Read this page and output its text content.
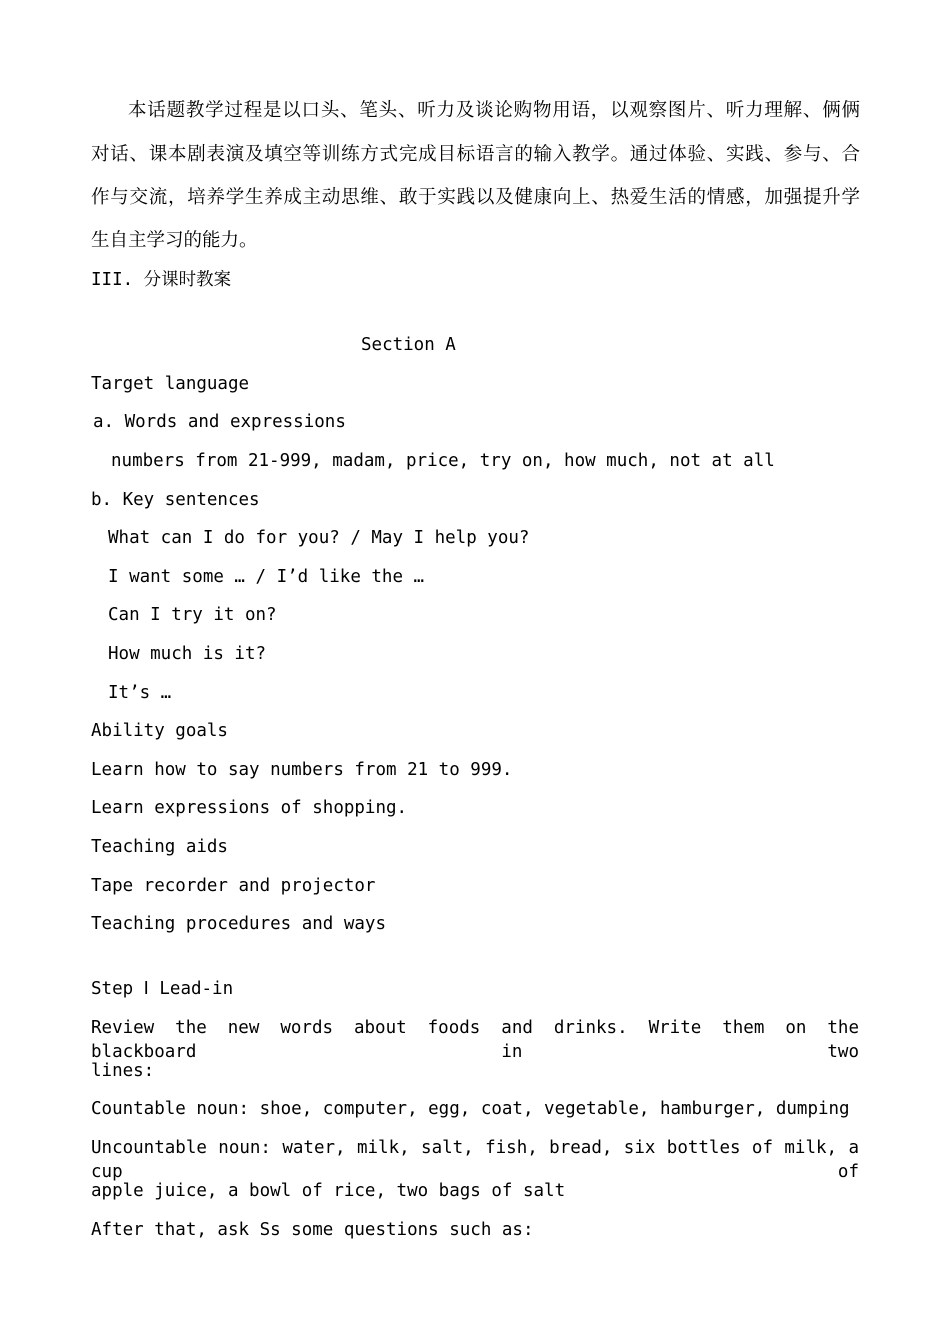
本话题教学过程是以口头、笔头、听力及谈论购物用语，以观察图片、听力理解、俩俩
对话、课本剧表演及填空等训练方式完成目标语言的输入教学。通过体验、实践、参与、合
作与交流，培养学生养成主动思维、敢于实践以及健康向上、热爱生活的情感，加强提升学
生自主学习的能力。
III. 分课时教案
Section A
Target language
a. Words and expressions
numbers from 21-999, madam, price, try on, how much, not at all
b. Key sentences
What can I do for you? / May I help you?
I want some … / I’d like the …
Can I try it on?
How much is it?
It’s …
Ability goals
Learn how to say numbers from 21 to 999.
Learn expressions of shopping.
Teaching aids
Tape recorder and projector
Teaching procedures and ways
Step Ⅰ Lead-in
Review the new words about foods and drinks. Write them on the blackboard in two
lines:
Countable noun: shoe, computer, egg, coat, vegetable, hamburger, dumping
Uncountable noun: water, milk, salt, fish, bread, six bottles of milk, a cup of
apple juice, a bowl of rice, two bags of salt
After that, ask Ss some questions such as:
